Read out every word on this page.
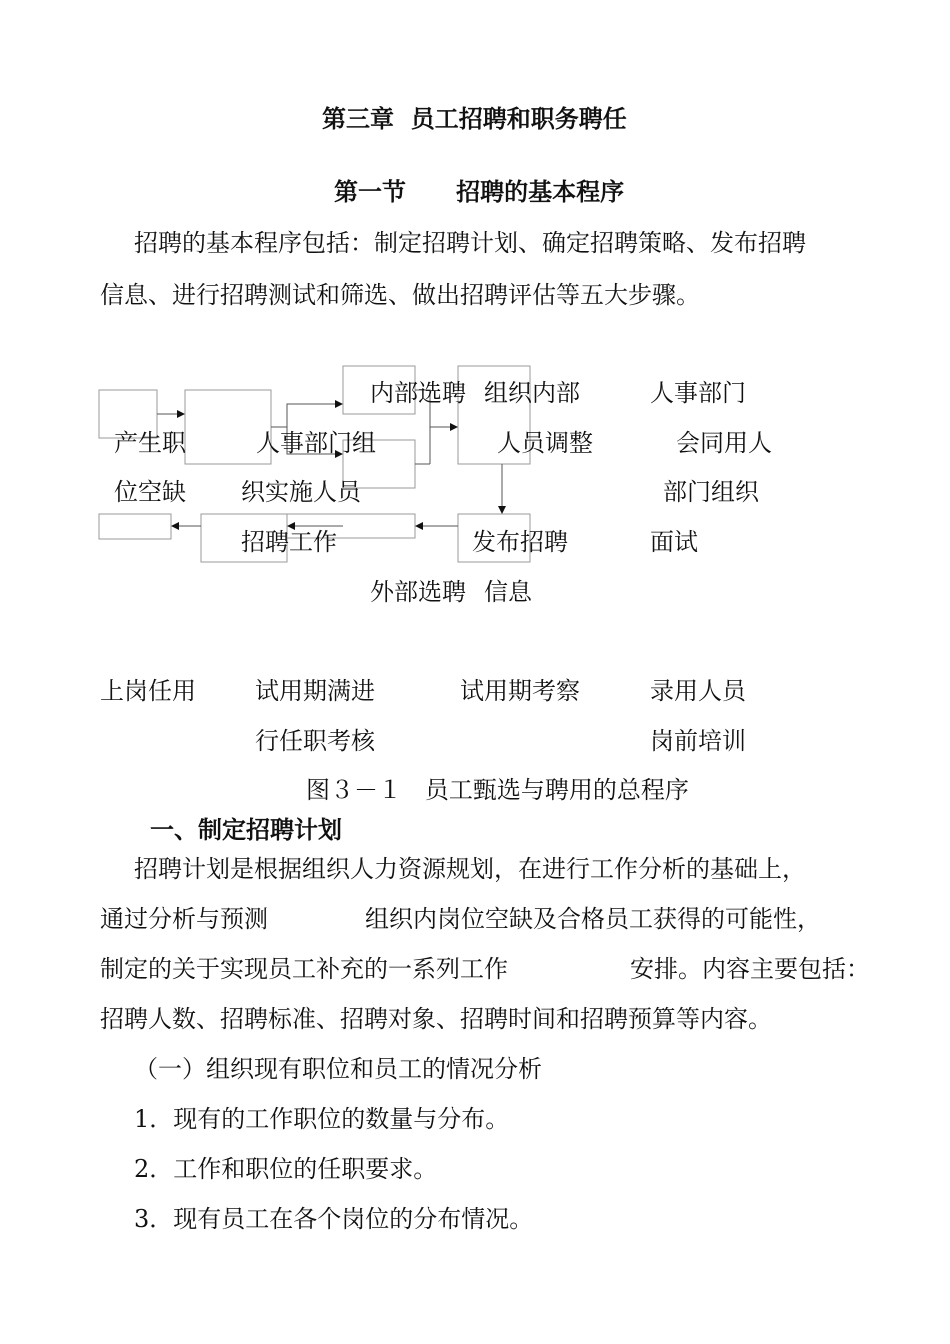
第三章  员工招聘和职务聘任
第一节      招聘的基本程序
招聘的基本程序包括：制定招聘计划、确定招聘策略、发布招聘
信息、进行招聘测试和筛选、做出招聘评估等五大步骤。
产生职
位空缺
人事部门组
织实施人员
招聘工作
内部选聘 组织内部
人员调整
发布招聘
外部选聘 信息
人事部门
会同用人
部门组织
面试
上岗任用 试用期满进
行任职考核
试用期考察	录用人员
岗前培训
图３－１   员工甄选与聘用的总程序
一、制定招聘计划
招聘计划是根据组织人力资源规划，在进行工作分析的基础上，
通过分析与预测	组织内岗位空缺及合格员工获得的可能性，
制定的关于实现员工补充的一系列工作	安排。内容主要包括：
招聘人数、招聘标准、招聘对象、招聘时间和招聘预算等内容。
（一）组织现有职位和员工的情况分析
1．现有的工作职位的数量与分布。
2．工作和职位的任职要求。
3．现有员工在各个岗位的分布情况。
